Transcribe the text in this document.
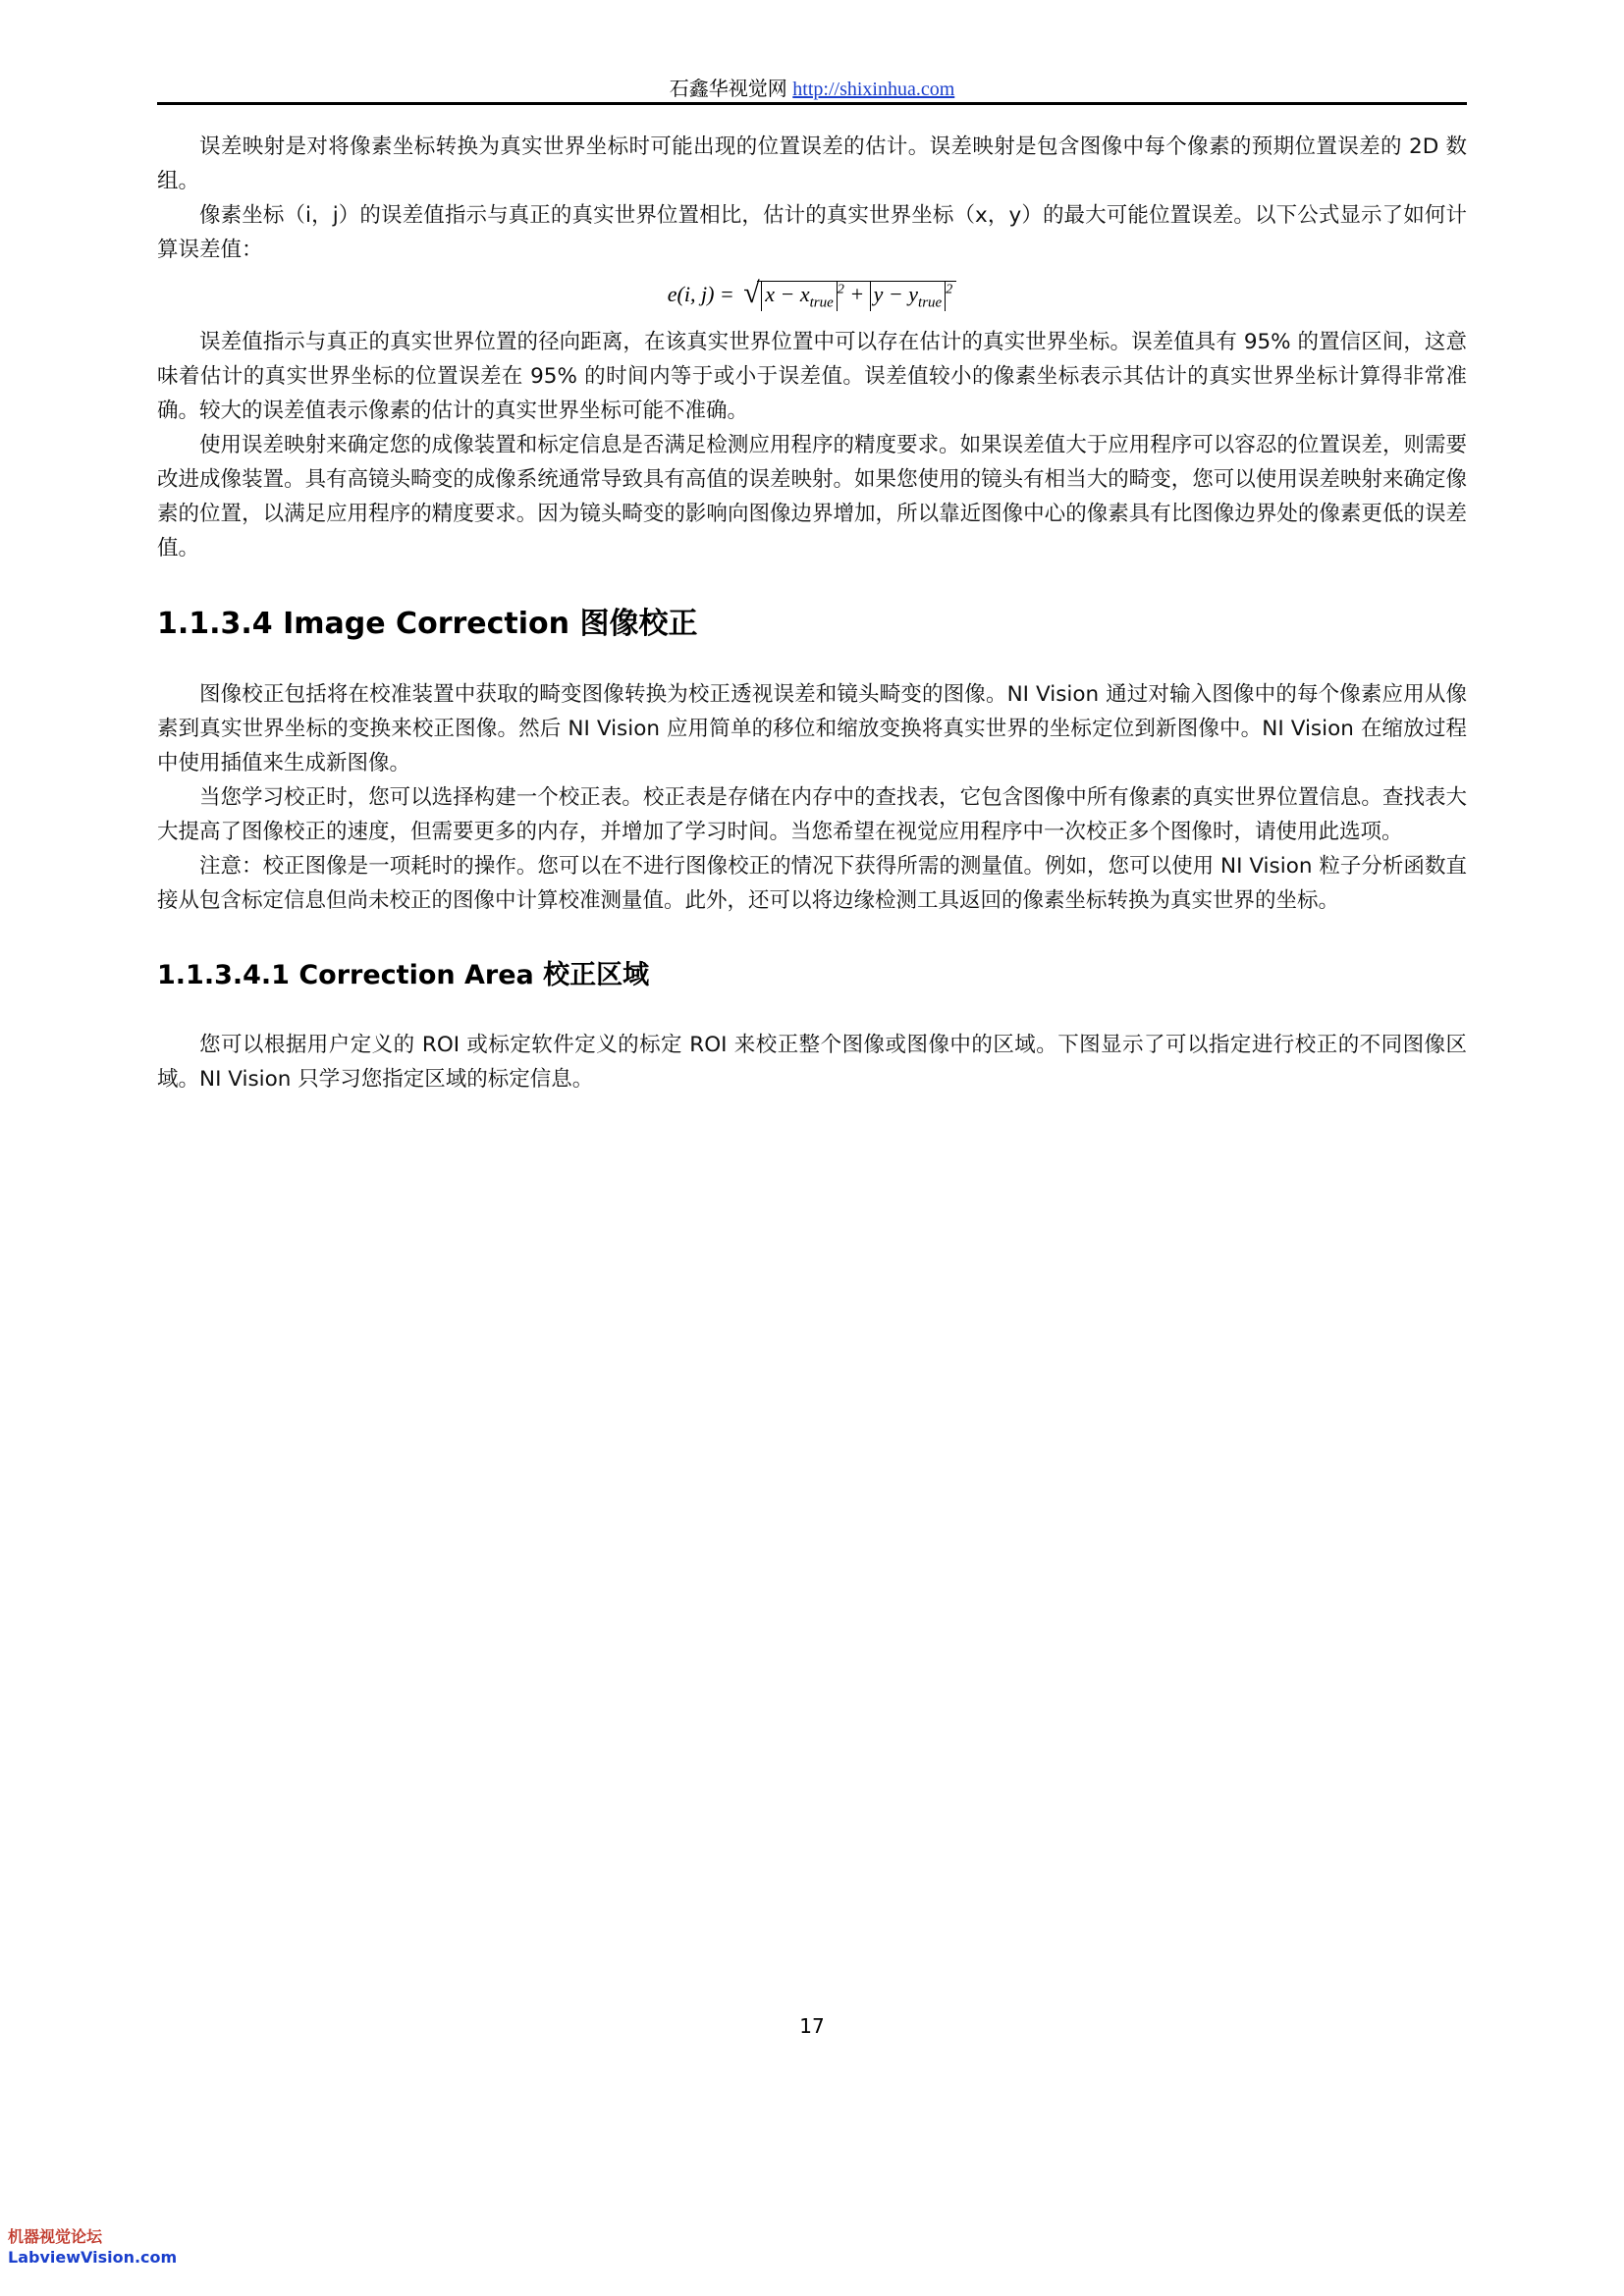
石鑫华视觉网 http://shixinhua.com

误差映射是对将像素坐标转换为真实世界坐标时可能出现的位置误差的估计。误差映射是包含图像中每个像素的预期位置误差的 2D 数组。

像素坐标（i，j）的误差值指示与真正的真实世界位置相比，估计的真实世界坐标（x，y）的最大可能位置误差。以下公式显示了如何计算误差值：

e(i, j) = √ $x - x_{true}^2 + y - y_{true}^2$

误差值指示与真正的真实世界位置的径向距离，在该真实世界位置中可以存在估计的真实世界坐标。误差值具有 95% 的置信区间，这意味着估计的真实世界坐标的位置误差在 95% 的时间内等于或小于误差值。误差值较小的像素坐标表示其估计的真实世界坐标计算得非常准确。较大的误差值表示像素的估计的真实世界坐标可能不准确。

使用误差映射来确定您的成像装置和标定信息是否满足检测应用程序的精度要求。如果误差值大于应用程序可以容忍的位置误差，则需要改进成像装置。具有高镜头畸变的成像系统通常导致具有高值的误差映射。如果您使用的镜头有相当大的畸变，您可以使用误差映射来确定像素的位置，以满足应用程序的精度要求。因为镜头畸变的影响向图像边界增加，所以靠近图像中心的像素具有比图像边界处的像素更低的误差值。

1.1.3.4 Image Correction 图像校正

图像校正包括将在校准装置中获取的畸变图像转换为校正透视误差和镜头畸变的图像。NI Vision 通过对输入图像中的每个像素应用从像素到真实世界坐标的变换来校正图像。然后 NI Vision 应用简单的移位和缩放变换将真实世界的坐标定位到新图像中。NI Vision 在缩放过程中使用插值来生成新图像。

当您学习校正时，您可以选择构建一个校正表。校正表是存储在内存中的查找表，它包含图像中所有像素的真实世界位置信息。查找表大大提高了图像校正的速度，但需要更多的内存，并增加了学习时间。当您希望在视觉应用程序中一次校正多个图像时，请使用此选项。

注意：校正图像是一项耗时的操作。您可以在不进行图像校正的情况下获得所需的测量值。例如，您可以使用 NI Vision 粒子分析函数直接从包含标定信息但尚未校正的图像中计算校准测量值。此外，还可以将边缘检测工具返回的像素坐标转换为真实世界的坐标。

1.1.3.4.1 Correction Area 校正区域

您可以根据用户定义的 ROI 或标定软件定义的标定 ROI 来校正整个图像或图像中的区域。下图显示了可以指定进行校正的不同图像区域。NI Vision 只学习您指定区域的标定信息。

17
机器视觉论坛
LabviewVision.com
